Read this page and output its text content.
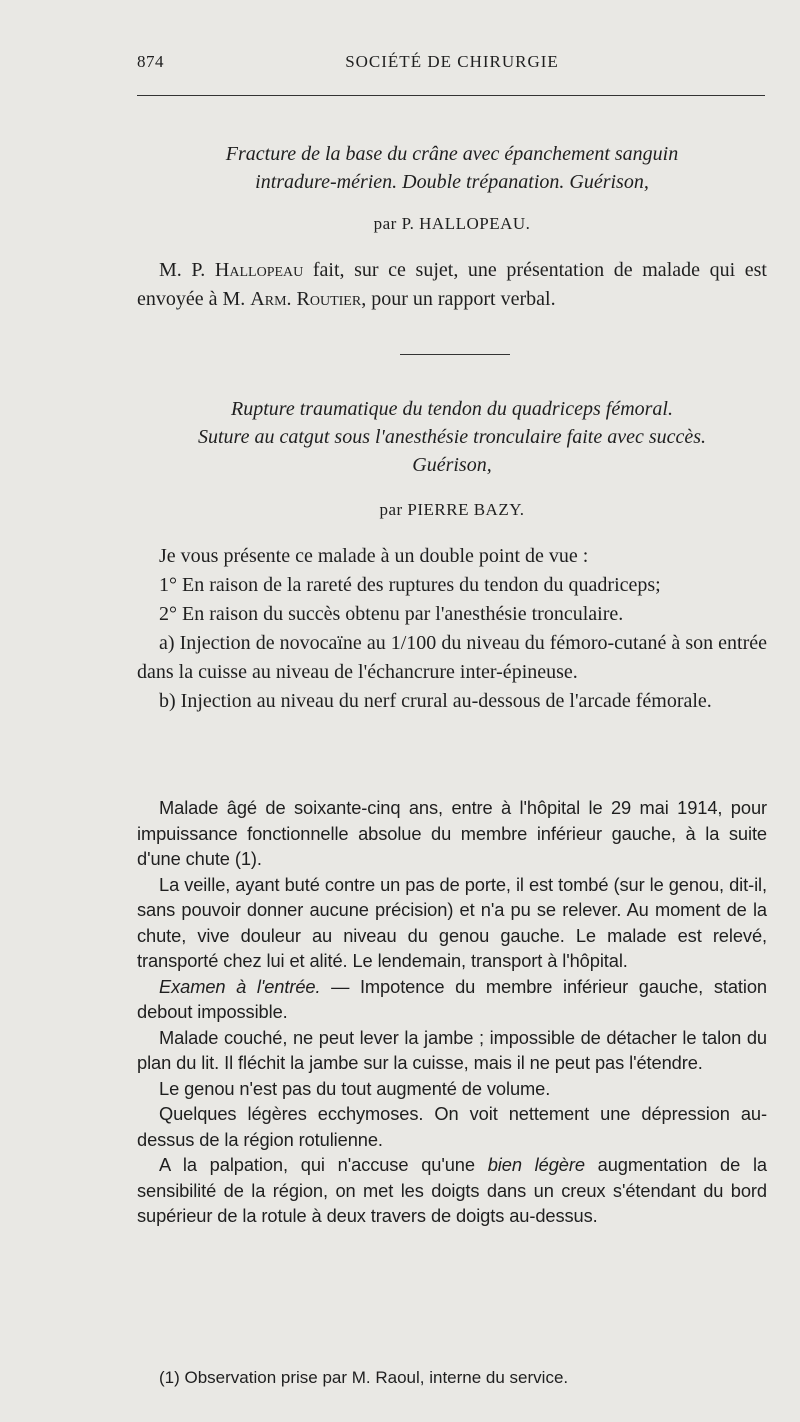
874	SOCIÉTÉ DE CHIRURGIE

Fracture de la base du crâne avec épanchement sanguin

intradure-mérien. Double trépanation. Guérison,

par P. HALLOPEAU.

M. P. Hallopeau fait, sur ce sujet, une présentation de malade qui est envoyée à M. Arm. Routier, pour un rapport verbal.

Rupture traumatique du tendon du quadriceps fémoral.

Suture au catgut sous l'anesthésie tronculaire faite avec succès.

Guérison,

par PIERRE BAZY.

Je vous présente ce malade à un double point de vue :

1° En raison de la rareté des ruptures du tendon du quadriceps;

2° En raison du succès obtenu par l'anesthésie tronculaire.

a) Injection de novocaïne au 1/100 du niveau du fémoro-cutané à son entrée dans la cuisse au niveau de l'échancrure inter-épineuse.

b) Injection au niveau du nerf crural au-dessous de l'arcade fémorale.

Malade âgé de soixante-cinq ans, entre à l'hôpital le 29 mai 1914, pour impuissance fonctionnelle absolue du membre inférieur gauche, à la suite d'une chute (1).

La veille, ayant buté contre un pas de porte, il est tombé (sur le genou, dit-il, sans pouvoir donner aucune précision) et n'a pu se relever. Au moment de la chute, vive douleur au niveau du genou gauche. Le malade est relevé, transporté chez lui et alité. Le lendemain, transport à l'hôpital.

Examen à l'entrée. — Impotence du membre inférieur gauche, station debout impossible.

Malade couché, ne peut lever la jambe ; impossible de détacher le talon du plan du lit. Il fléchit la jambe sur la cuisse, mais il ne peut pas l'étendre.

Le genou n'est pas du tout augmenté de volume.

Quelques légères ecchymoses. On voit nettement une dépression au-dessus de la région rotulienne.

A la palpation, qui n'accuse qu'une bien légère augmentation de la sensibilité de la région, on met les doigts dans un creux s'étendant du bord supérieur de la rotule à deux travers de doigts au-dessus.

(1) Observation prise par M. Raoul, interne du service.
